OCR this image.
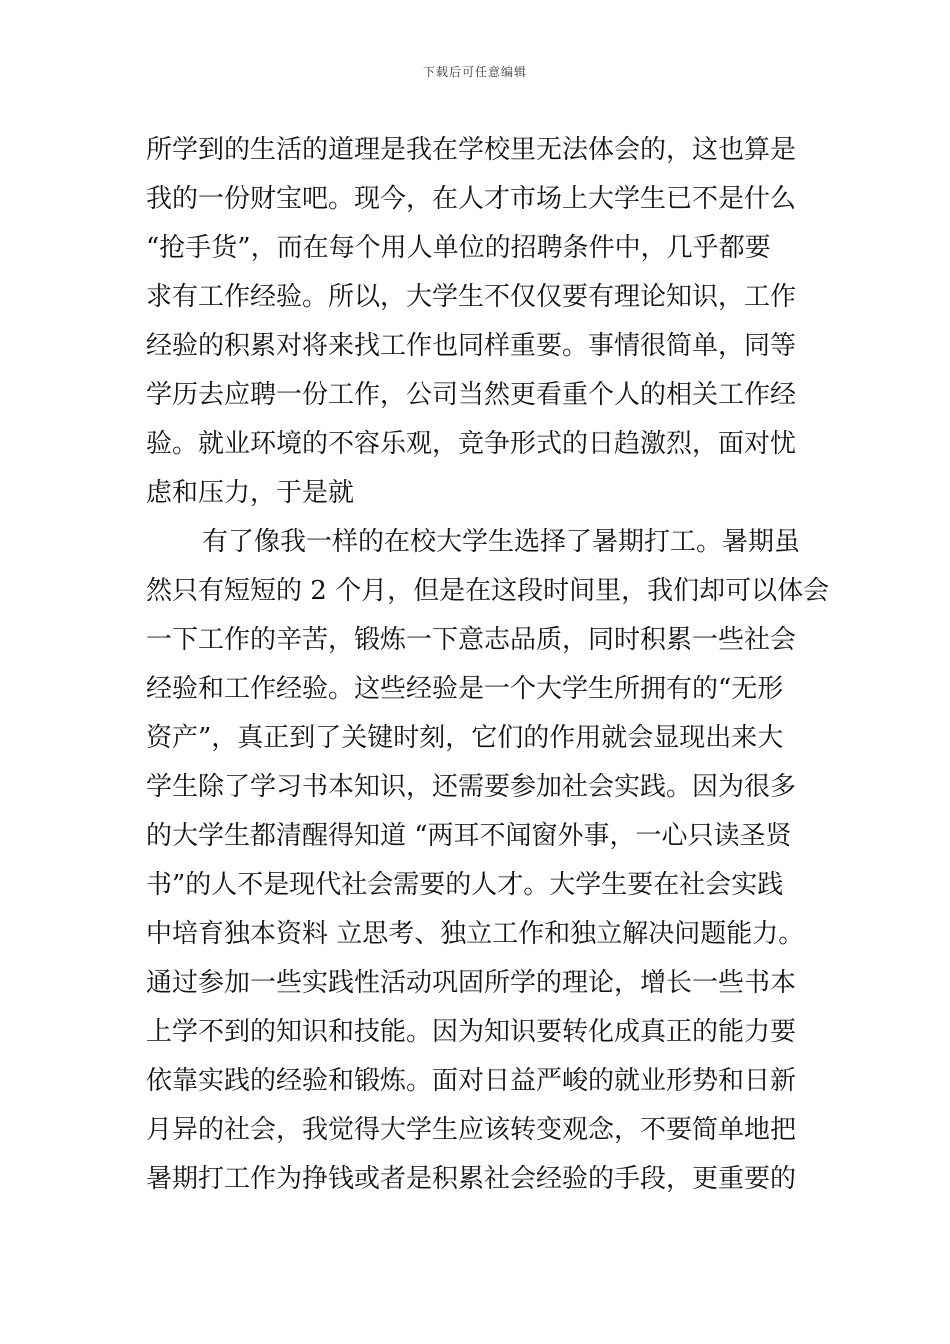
下载后可任意编辑
所学到的生活的道理是我在学校里无法体会的，这也算是
我的一份财宝吧。现今，在人才市场上大学生已不是什么
“抢手货”，而在每个用人单位的招聘条件中，几乎都要
求有工作经验。所以，大学生不仅仅要有理论知识，工作
经验的积累对将来找工作也同样重要。事情很简单，同等
学历去应聘一份工作，公司当然更看重个人的相关工作经
验。就业环境的不容乐观，竞争形式的日趋激烈，面对忧
虑和压力，于是就
有了像我一样的在校大学生选择了暑期打工。暑期虽
然只有短短的 2 个月，但是在这段时间里，我们却可以体会
一下工作的辛苦，锻炼一下意志品质，同时积累一些社会
经验和工作经验。这些经验是一个大学生所拥有的“无形
资产”，真正到了关键时刻，它们的作用就会显现出来大
学生除了学习书本知识，还需要参加社会实践。因为很多
的大学生都清醒得知道 “两耳不闻窗外事，一心只读圣贤
书”的人不是现代社会需要的人才。大学生要在社会实践
中培育独本资料 立思考、独立工作和独立解决问题能力。
通过参加一些实践性活动巩固所学的理论，增长一些书本
上学不到的知识和技能。因为知识要转化成真正的能力要
依靠实践的经验和锻炼。面对日益严峻的就业形势和日新
月异的社会，我觉得大学生应该转变观念，不要简单地把
暑期打工作为挣钱或者是积累社会经验的手段，更重要的
